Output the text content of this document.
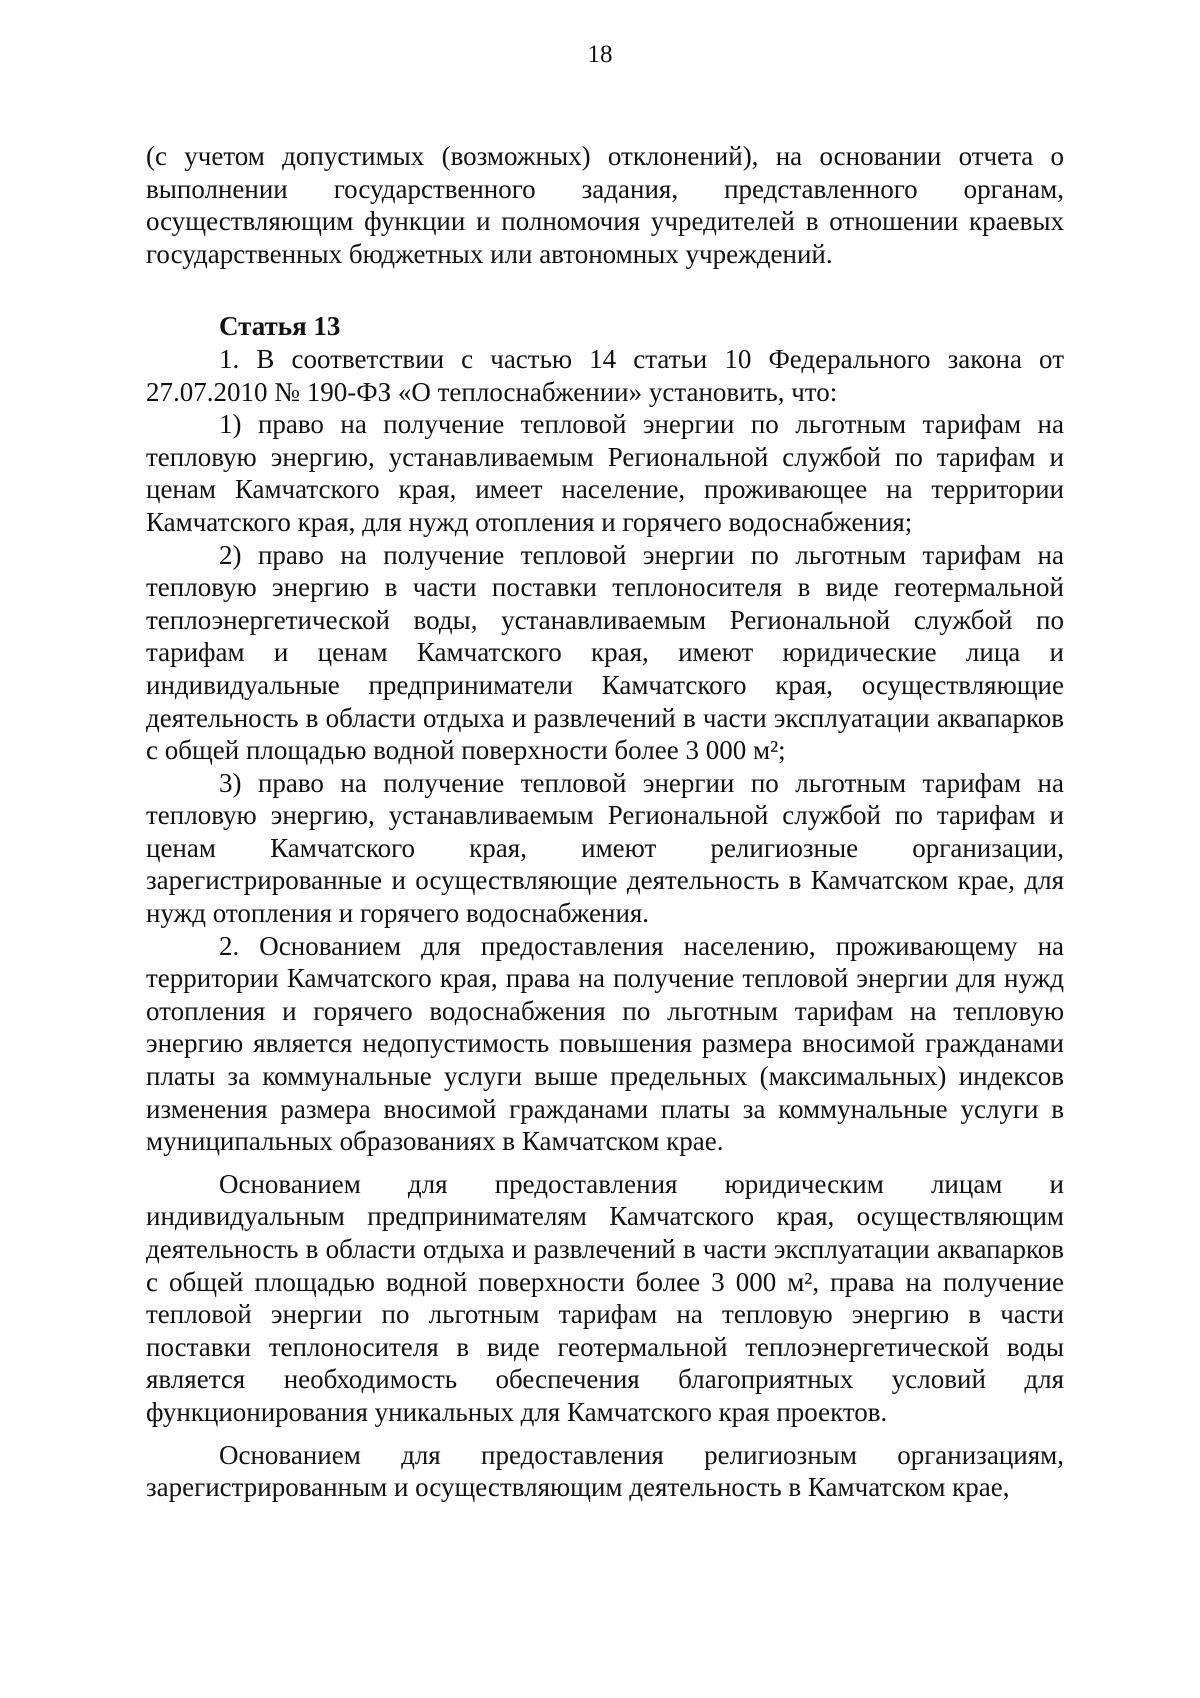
18

(с учетом допустимых (возможных) отклонений), на основании отчета о выполнении государственного задания, представленного органам, осуществляющим функции и полномочия учредителей в отношении краевых государственных бюджетных или автономных учреждений.

Статья 13

1. В соответствии с частью 14 статьи 10 Федерального закона от 27.07.2010 № 190-ФЗ «О теплоснабжении» установить, что:

1) право на получение тепловой энергии по льготным тарифам на тепловую энергию, устанавливаемым Региональной службой по тарифам и ценам Камчатского края, имеет население, проживающее на территории Камчатского края, для нужд отопления и горячего водоснабжения;

2) право на получение тепловой энергии по льготным тарифам на тепловую энергию в части поставки теплоносителя в виде геотермальной теплоэнергетической воды, устанавливаемым Региональной службой по тарифам и ценам Камчатского края, имеют юридические лица и индивидуальные предприниматели Камчатского края, осуществляющие деятельность в области отдыха и развлечений в части эксплуатации аквапарков с общей площадью водной поверхности более 3 000 м²;

3) право на получение тепловой энергии по льготным тарифам на тепловую энергию, устанавливаемым Региональной службой по тарифам и ценам Камчатского края, имеют религиозные организации, зарегистрированные и осуществляющие деятельность в Камчатском крае, для нужд отопления и горячего водоснабжения.

2. Основанием для предоставления населению, проживающему на территории Камчатского края, права на получение тепловой энергии для нужд отопления и горячего водоснабжения по льготным тарифам на тепловую энергию является недопустимость повышения размера вносимой гражданами платы за коммунальные услуги выше предельных (максимальных) индексов изменения размера вносимой гражданами платы за коммунальные услуги в муниципальных образованиях в Камчатском крае.

Основанием для предоставления юридическим лицам и индивидуальным предпринимателям Камчатского края, осуществляющим деятельность в области отдыха и развлечений в части эксплуатации аквапарков с общей площадью водной поверхности более 3 000 м², права на получение тепловой энергии по льготным тарифам на тепловую энергию в части поставки теплоносителя в виде геотермальной теплоэнергетической воды является необходимость обеспечения благоприятных условий для функционирования уникальных для Камчатского края проектов.

Основанием для предоставления религиозным организациям, зарегистрированным и осуществляющим деятельность в Камчатском крае,
